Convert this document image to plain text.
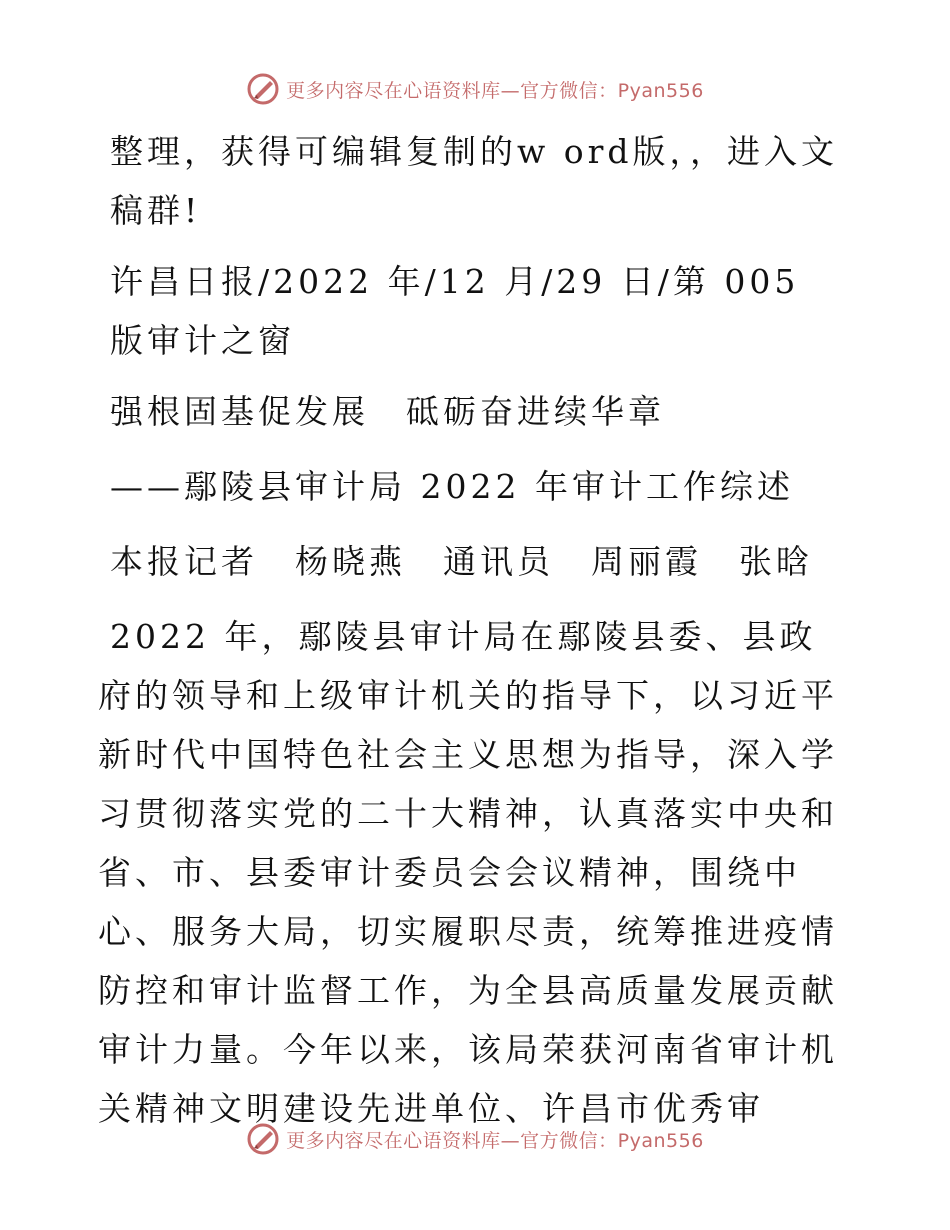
更多内容尽在心语资料库—官方微信：Pyan556

整理，获得可编辑复制的w ord版，，进入文稿群!

许昌日报/2022 年/12 月/29 日/第 005 版审计之窗

强根固基促发展　砥砺奋进续华章

——鄢陵县审计局 2022 年审计工作综述

本报记者　杨晓燕　通讯员　周丽霞　张晗

2022 年，鄢陵县审计局在鄢陵县委、县政府的领导和上级审计机关的指导下，以习近平新时代中国特色社会主义思想为指导，深入学习贯彻落实党的二十大精神，认真落实中央和省、市、县委审计委员会会议精神，围绕中心、服务大局，切实履职尽责，统筹推进疫情防控和审计监督工作，为全县高质量发展贡献审计力量。今年以来，该局荣获河南省审计机关精神文明建设先进单位、许昌市优秀审

更多内容尽在心语资料库—官方微信：Pyan556
